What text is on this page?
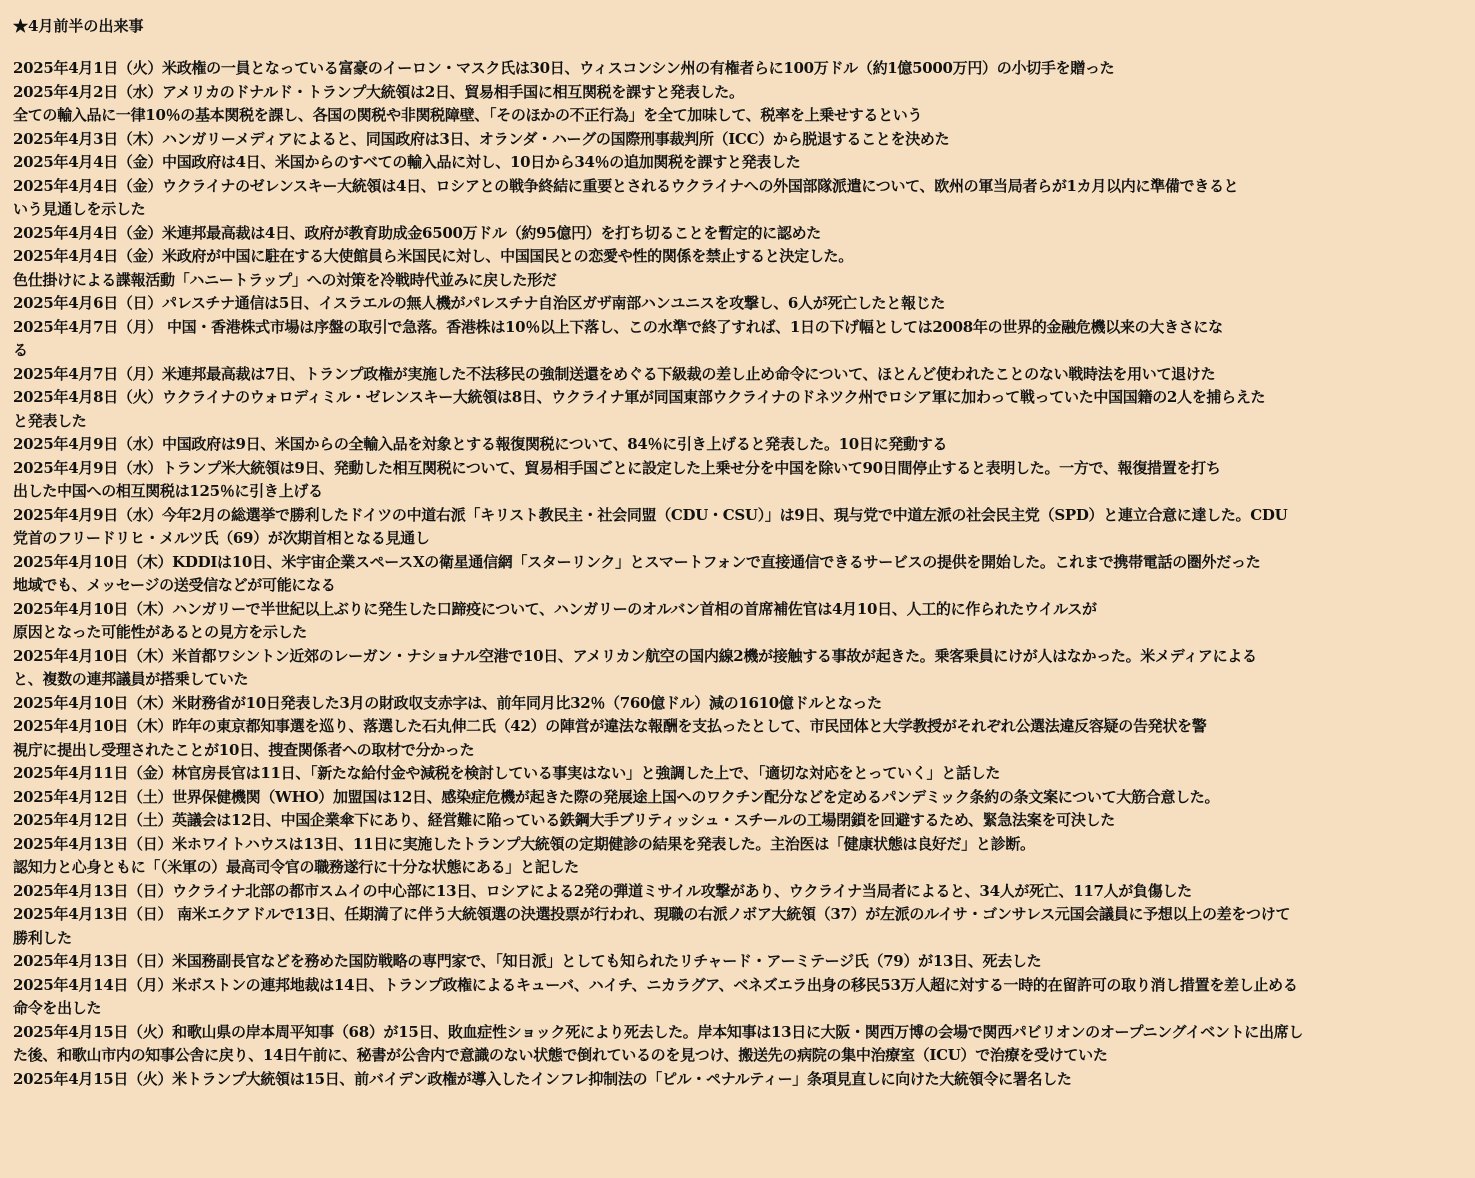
★4月前半の出来事
2025年4月1日（火）米政権の一員となっている富豪のイーロン・マスク氏は30日、ウィスコンシン州の有権者らに100万ドル（約1億5000万円）の小切手を贈った
2025年4月2日（水）アメリカのドナルド・トランプ大統領は2日、貿易相手国に相互関税を課すと発表した。
全ての輸入品に一律10％の基本関税を課し、各国の関税や非関税障壁、「そのほかの不正行為」を全て加味して、税率を上乗せするという
2025年4月3日（木）ハンガリーメディアによると、同国政府は3日、オランダ・ハーグの国際刑事裁判所（ICC）から脱退することを決めた
2025年4月4日（金）中国政府は4日、米国からのすべての輸入品に対し、10日から34％の追加関税を課すと発表した
2025年4月4日（金）ウクライナのゼレンスキー大統領は4日、ロシアとの戦争終結に重要とされるウクライナへの外国部隊派遣について、欧州の軍当局者らが1カ月以内に準備できると
いう見通しを示した
2025年4月4日（金）米連邦最高裁は4日、政府が教育助成金6500万ドル（約95億円）を打ち切ることを暫定的に認めた
2025年4月4日（金）米政府が中国に駐在する大使館員ら米国民に対し、中国国民との恋愛や性的関係を禁止すると決定した。
色仕掛けによる諜報活動「ハニートラップ」への対策を冷戦時代並みに戻した形だ
2025年4月6日（日）パレスチナ通信は5日、イスラエルの無人機がパレスチナ自治区ガザ南部ハンユニスを攻撃し、6人が死亡したと報じた
2025年4月7日（月） 中国・香港株式市場は序盤の取引で急落。香港株は10％以上下落し、この水準で終了すれば、1日の下げ幅としては2008年の世界的金融危機以来の大きさにな
る
2025年4月7日（月）米連邦最高裁は7日、トランプ政権が実施した不法移民の強制送還をめぐる下級裁の差し止め命令について、ほとんど使われたことのない戦時法を用いて退けた
2025年4月8日（火）ウクライナのウォロディミル・ゼレンスキー大統領は8日、ウクライナ軍が同国東部ウクライナのドネツク州でロシア軍に加わって戦っていた中国国籍の2人を捕らえた
と発表した
2025年4月9日（水）中国政府は9日、米国からの全輸入品を対象とする報復関税について、84％に引き上げると発表した。10日に発動する
2025年4月9日（水）トランプ米大統領は9日、発動した相互関税について、貿易相手国ごとに設定した上乗せ分を中国を除いて90日間停止すると表明した。一方で、報復措置を打ち
出した中国への相互関税は125％に引き上げる
2025年4月9日（水）今年2月の総選挙で勝利したドイツの中道右派「キリスト教民主・社会同盟（CDU・CSU）」は9日、現与党で中道左派の社会民主党（SPD）と連立合意に達した。CDU
党首のフリードリヒ・メルツ氏（69）が次期首相となる見通し
2025年4月10日（木）KDDIは10日、米宇宙企業スペースXの衛星通信網「スターリンク」とスマートフォンで直接通信できるサービスの提供を開始した。これまで携帯電話の圏外だった
地域でも、メッセージの送受信などが可能になる
2025年4月10日（木）ハンガリーで半世紀以上ぶりに発生した口蹄疫について、ハンガリーのオルバン首相の首席補佐官は4月10日、人工的に作られたウイルスが
原因となった可能性があるとの見方を示した
2025年4月10日（木）米首都ワシントン近郊のレーガン・ナショナル空港で10日、アメリカン航空の国内線2機が接触する事故が起きた。乗客乗員にけが人はなかった。米メディアによる
と、複数の連邦議員が搭乗していた
2025年4月10日（木）米財務省が10日発表した3月の財政収支赤字は、前年同月比32％（760億ドル）減の1610億ドルとなった
2025年4月10日（木）昨年の東京都知事選を巡り、落選した石丸伸二氏（42）の陣営が違法な報酬を支払ったとして、市民団体と大学教授がそれぞれ公選法違反容疑の告発状を警
視庁に提出し受理されたことが10日、捜査関係者への取材で分かった
2025年4月11日（金）林官房長官は11日、「新たな給付金や減税を検討している事実はない」と強調した上で、「適切な対応をとっていく」と話した
2025年4月12日（土）世界保健機関（WHO）加盟国は12日、感染症危機が起きた際の発展途上国へのワクチン配分などを定めるパンデミック条約の条文案について大筋合意した。
2025年4月12日（土）英議会は12日、中国企業傘下にあり、経営難に陥っている鉄鋼大手ブリティッシュ・スチールの工場閉鎖を回避するため、緊急法案を可決した
2025年4月13日（日）米ホワイトハウスは13日、11日に実施したトランプ大統領の定期健診の結果を発表した。主治医は「健康状態は良好だ」と診断。
認知力と心身ともに「（米軍の）最高司令官の職務遂行に十分な状態にある」と記した
2025年4月13日（日）ウクライナ北部の都市スムイの中心部に13日、ロシアによる2発の弾道ミサイル攻撃があり、ウクライナ当局者によると、34人が死亡、117人が負傷した
2025年4月13日（日） 南米エクアドルで13日、任期満了に伴う大統領選の決選投票が行われ、現職の右派ノボア大統領（37）が左派のルイサ・ゴンサレス元国会議員に予想以上の差をつけて
勝利した
2025年4月13日（日）米国務副長官などを務めた国防戦略の専門家で、「知日派」としても知られたリチャード・アーミテージ氏（79）が13日、死去した
2025年4月14日（月）米ボストンの連邦地裁は14日、トランプ政権によるキューバ、ハイチ、ニカラグア、ベネズエラ出身の移民53万人超に対する一時的在留許可の取り消し措置を差し止める
命令を出した
2025年4月15日（火）和歌山県の岸本周平知事（68）が15日、敗血症性ショック死により死去した。岸本知事は13日に大阪・関西万博の会場で関西パビリオンのオープニングイベントに出席し
た後、和歌山市内の知事公舎に戻り、14日午前に、秘書が公舎内で意識のない状態で倒れているのを見つけ、搬送先の病院の集中治療室（ICU）で治療を受けていた
2025年4月15日（火）米トランプ大統領は15日、前バイデン政権が導入したインフレ抑制法の「ピル・ペナルティー」条項見直しに向けた大統領令に署名した
